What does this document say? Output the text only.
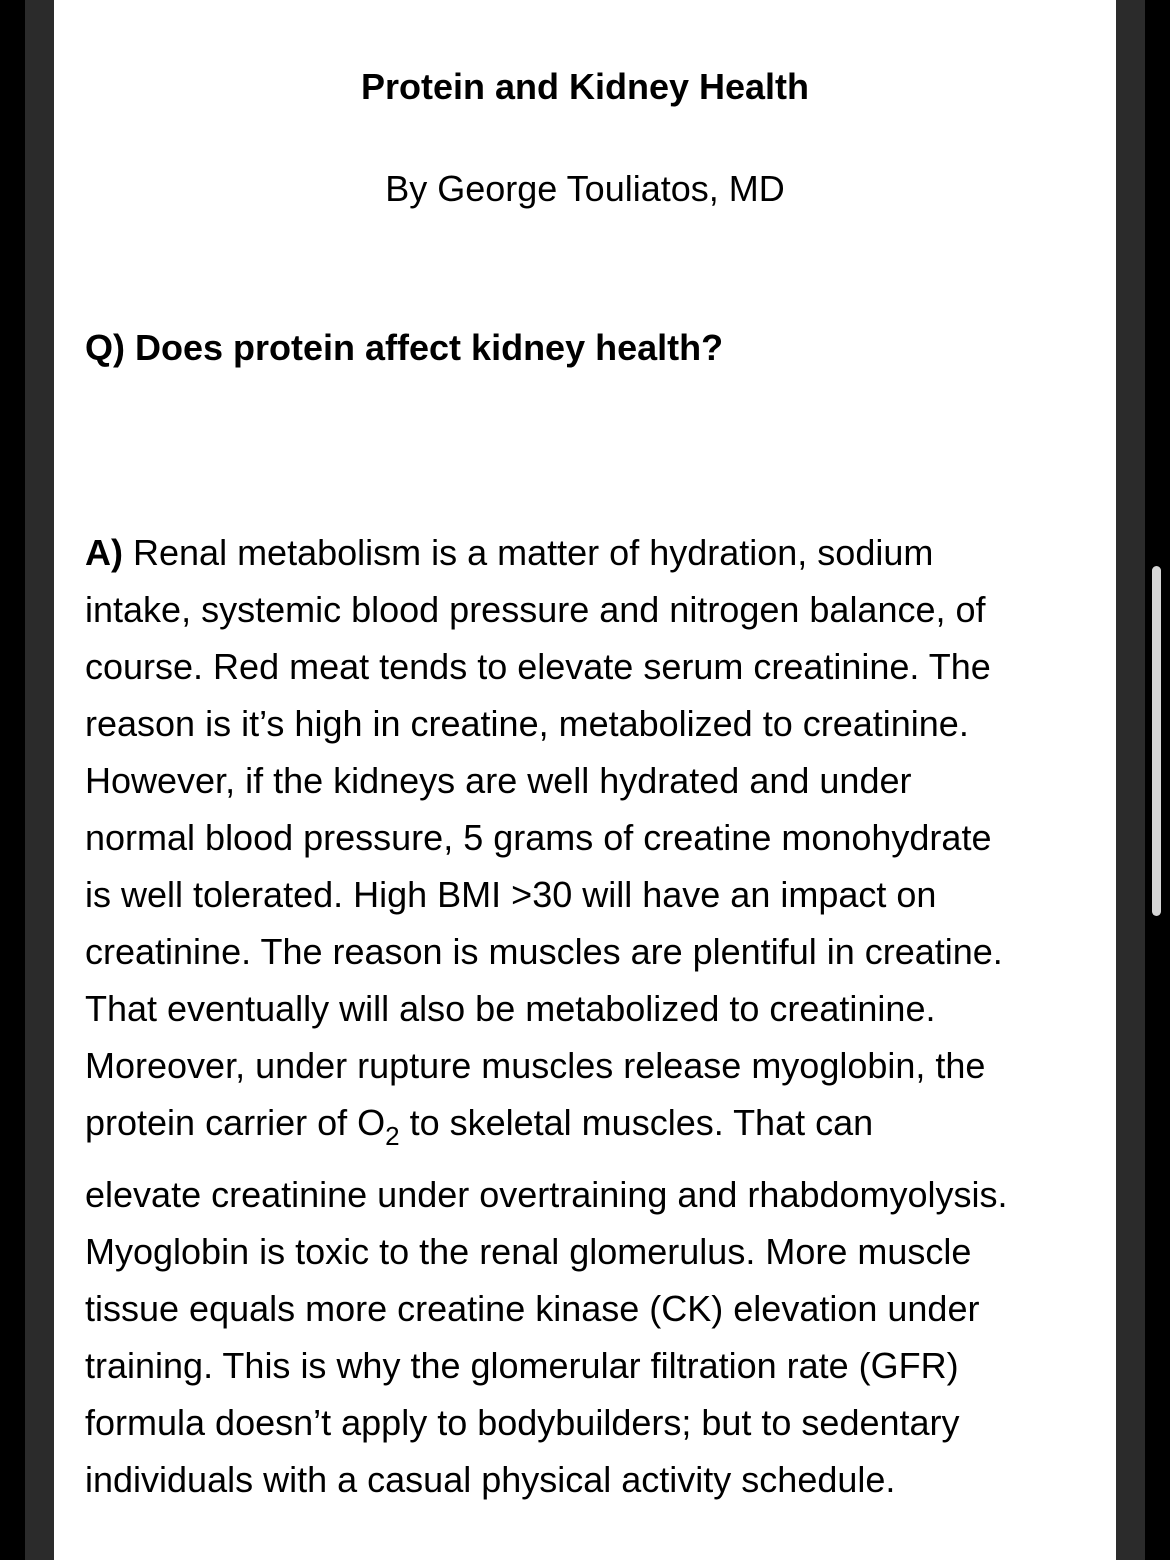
Protein and Kidney Health

By George Touliatos, MD

Q) Does protein affect kidney health?

A) Renal metabolism is a matter of hydration, sodium
intake, systemic blood pressure and nitrogen balance, of
course. Red meat tends to elevate serum creatinine. The
reason is it’s high in creatine, metabolized to creatinine.
However, if the kidneys are well hydrated and under
normal blood pressure, 5 grams of creatine monohydrate
is well tolerated. High BMI >30 will have an impact on
creatinine. The reason is muscles are plentiful in creatine.
That eventually will also be metabolized to creatinine.
Moreover, under rupture muscles release myoglobin, the
protein carrier of $O_2$ to skeletal muscles. That can
elevate creatinine under overtraining and rhabdomyolysis.
Myoglobin is toxic to the renal glomerulus. More muscle
tissue equals more creatine kinase (CK) elevation under
training. This is why the glomerular filtration rate (GFR)
formula doesn’t apply to bodybuilders; but to sedentary
individuals with a casual physical activity schedule.
